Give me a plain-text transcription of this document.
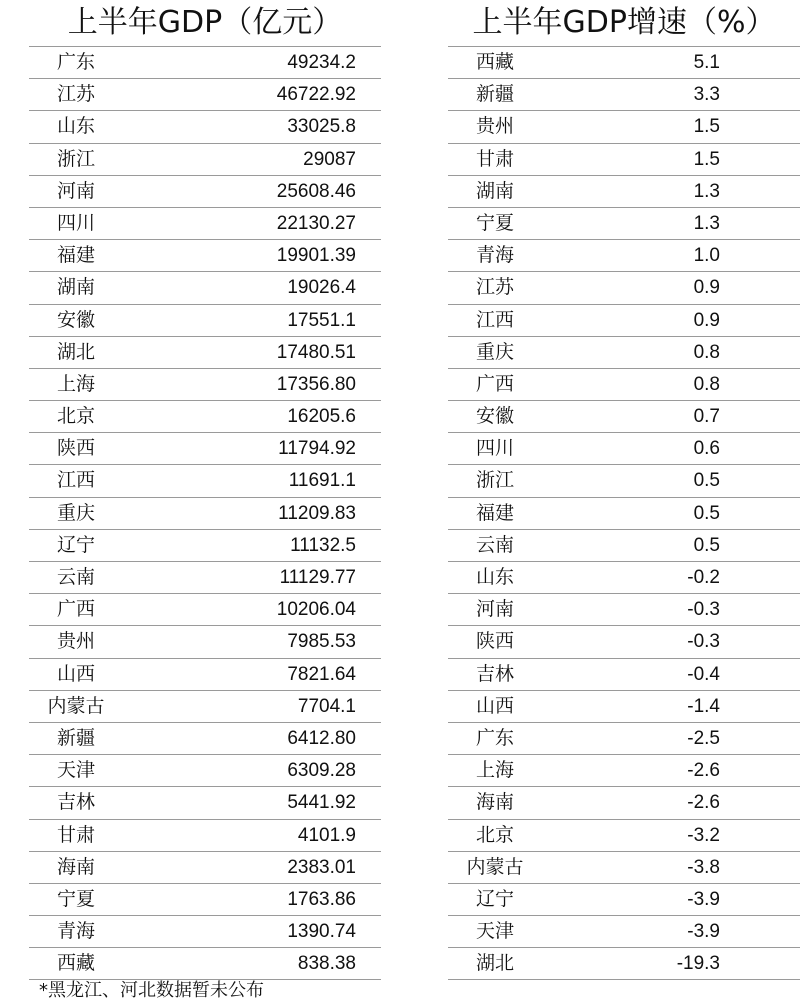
上半年GDP（亿元）
广东	49234.2
江苏	46722.92
山东	33025.8
浙江	29087
河南	25608.46
四川	22130.27
福建	19901.39
湖南	19026.4
安徽	17551.1
湖北	17480.51
上海	17356.80
北京	16205.6
陕西	11794.92
江西	11691.1
重庆	11209.83
辽宁	11132.5
云南	11129.77
广西	10206.04
贵州	7985.53
山西	7821.64
内蒙古	7704.1
新疆	6412.80
天津	6309.28
吉林	5441.92
甘肃	4101.9
海南	2383.01
宁夏	1763.86
青海	1390.74
西藏	838.38
上半年GDP增速（%）
西藏	5.1
新疆	3.3
贵州	1.5
甘肃	1.5
湖南	1.3
宁夏	1.3
青海	1.0
江苏	0.9
江西	0.9
重庆	0.8
广西	0.8
安徽	0.7
四川	0.6
浙江	0.5
福建	0.5
云南	0.5
山东	-0.2
河南	-0.3
陕西	-0.3
吉林	-0.4
山西	-1.4
广东	-2.5
上海	-2.6
海南	-2.6
北京	-3.2
内蒙古	-3.8
辽宁	-3.9
天津	-3.9
湖北	-19.3
*黑龙江、河北数据暂未公布
